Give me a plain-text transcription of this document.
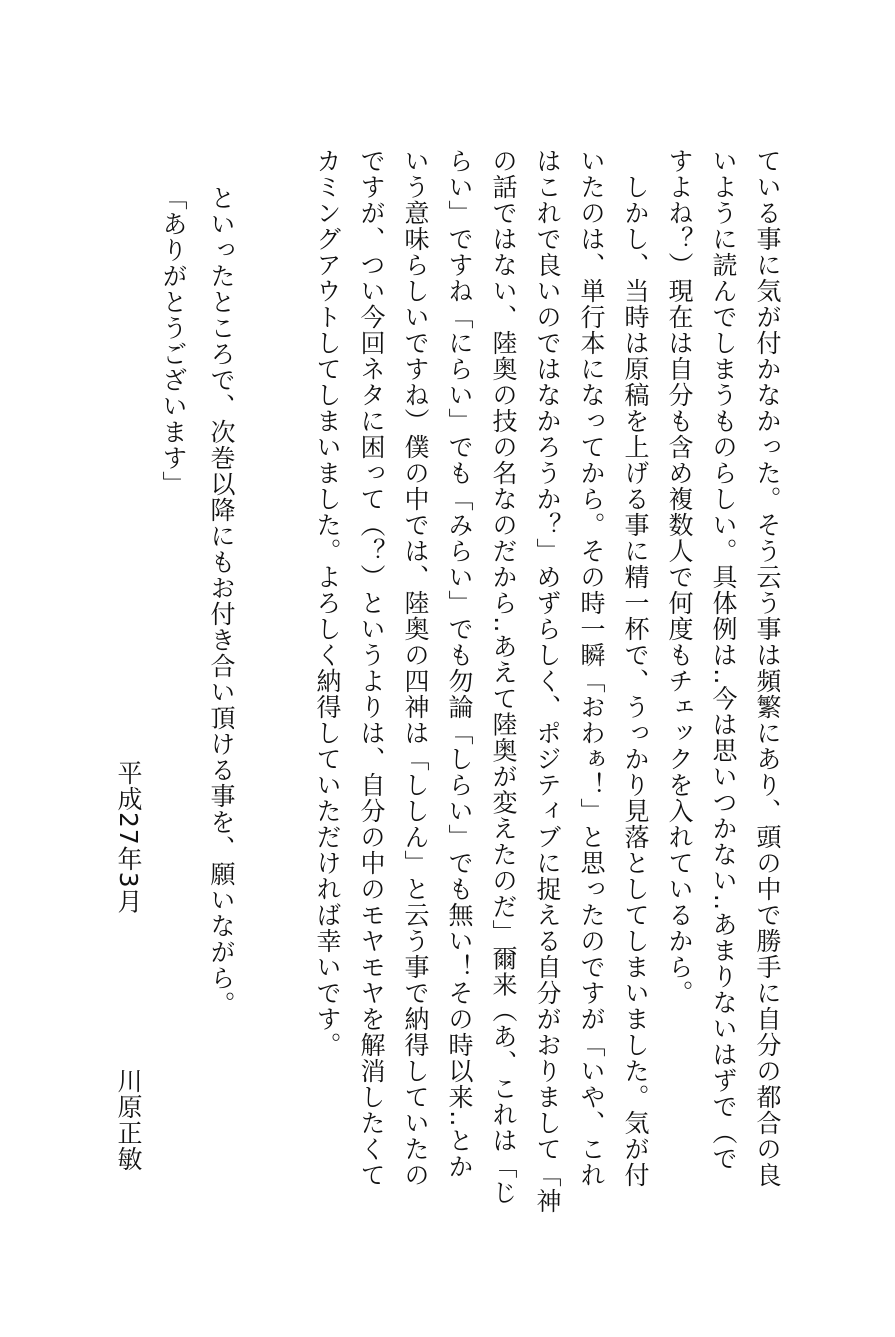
ている事に気が付かなかった。そう云う事は頻繁にあり、頭の中で勝手に自分の都合の良
いように読んでしまうものらしい。具体例は‥今は思いつかない‥あまりないはずで（で
すよね？）現在は自分も含め複数人で何度もチェックを入れているから。
　しかし、当時は原稿を上げる事に精一杯で、うっかり見落としてしまいました。気が付
いたのは、単行本になってから。その時一瞬「おわぁ！」と思ったのですが「いや、これ
はこれで良いのではなかろうか？」めずらしく、ポジティブに捉える自分がおりまして「神
の話ではない、陸奥の技の名なのだから‥あえて陸奥が変えたのだ」爾来（あ、これは「じ
らい」ですね「にらい」でも「みらい」でも勿論「しらい」でも無い！その時以来‥とか
いう意味らしいですね）僕の中では、陸奥の四神は「ししん」と云う事で納得していたの
ですが、つい今回ネタに困って（？）というよりは、自分の中のモヤモヤを解消したくて
カミングアウトしてしまいました。よろしく納得していただければ幸いです。
といったところで、次巻以降にもお付き合い頂ける事を、願いながら。
「ありがとうございます」
平成27年3月
川原正敏
